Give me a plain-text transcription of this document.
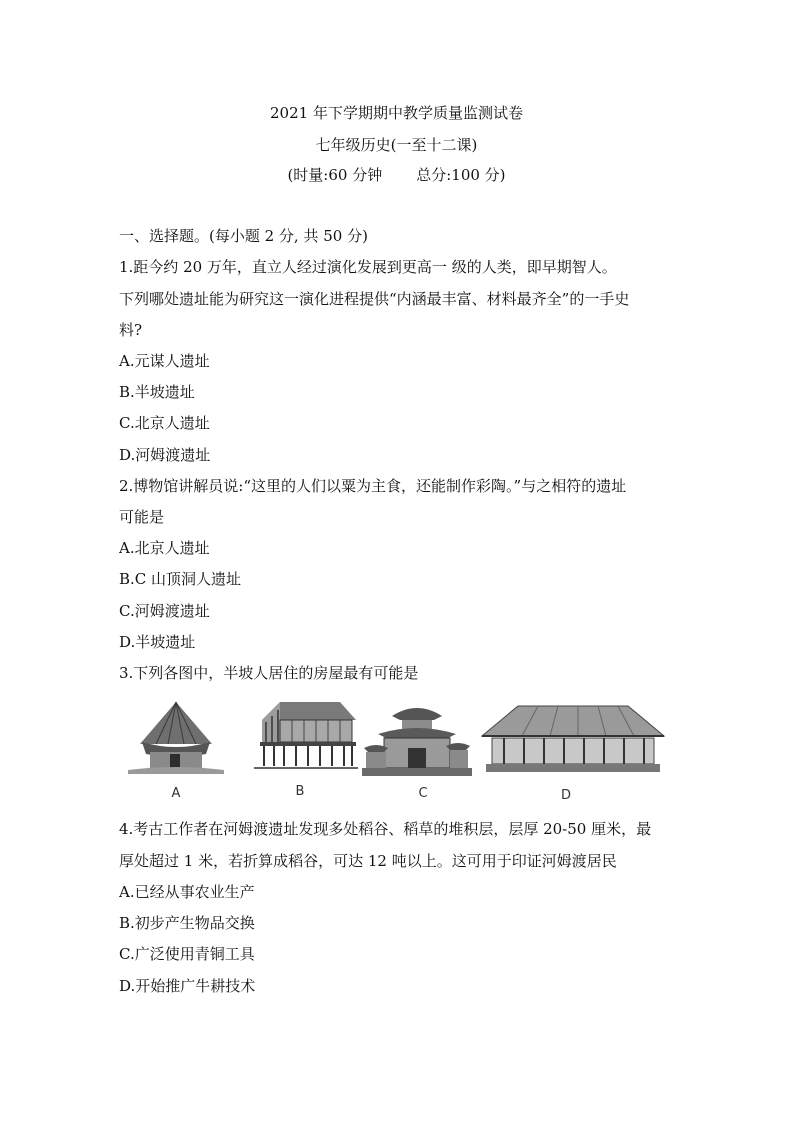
2021 年下学期期中教学质量监测试卷
七年级历史(一至十二课)
(时量:60 分钟 总分:100 分)
一、选择题。(每小题 2 分, 共 50 分)
1.距今约 20 万年，直立人经过演化发展到更高一 级的人类，即早期智人。
下列哪处遗址能为研究这一演化进程提供“内涵最丰富、材料最齐全”的一手史
料?
A.元谋人遗址
B.半坡遗址
C.北京人遗址
D.河姆渡遗址
2.博物馆讲解员说:“这里的人们以粟为主食，还能制作彩陶。”与之相符的遗址
可能是
A.北京人遗址
B.C 山顶洞人遗址
C.河姆渡遗址
D.半坡遗址
3.下列各图中，半坡人居住的房屋最有可能是
A	B	C	D
4.考古工作者在河姆渡遗址发现多处稻谷、稻草的堆积层，层厚 20-50 厘米，最
厚处超过 1 米，若折算成稻谷，可达 12 吨以上。这可用于印证河姆渡居民
A.已经从事农业生产
B.初步产生物品交换
C.广泛使用青铜工具
D.开始推广牛耕技术
